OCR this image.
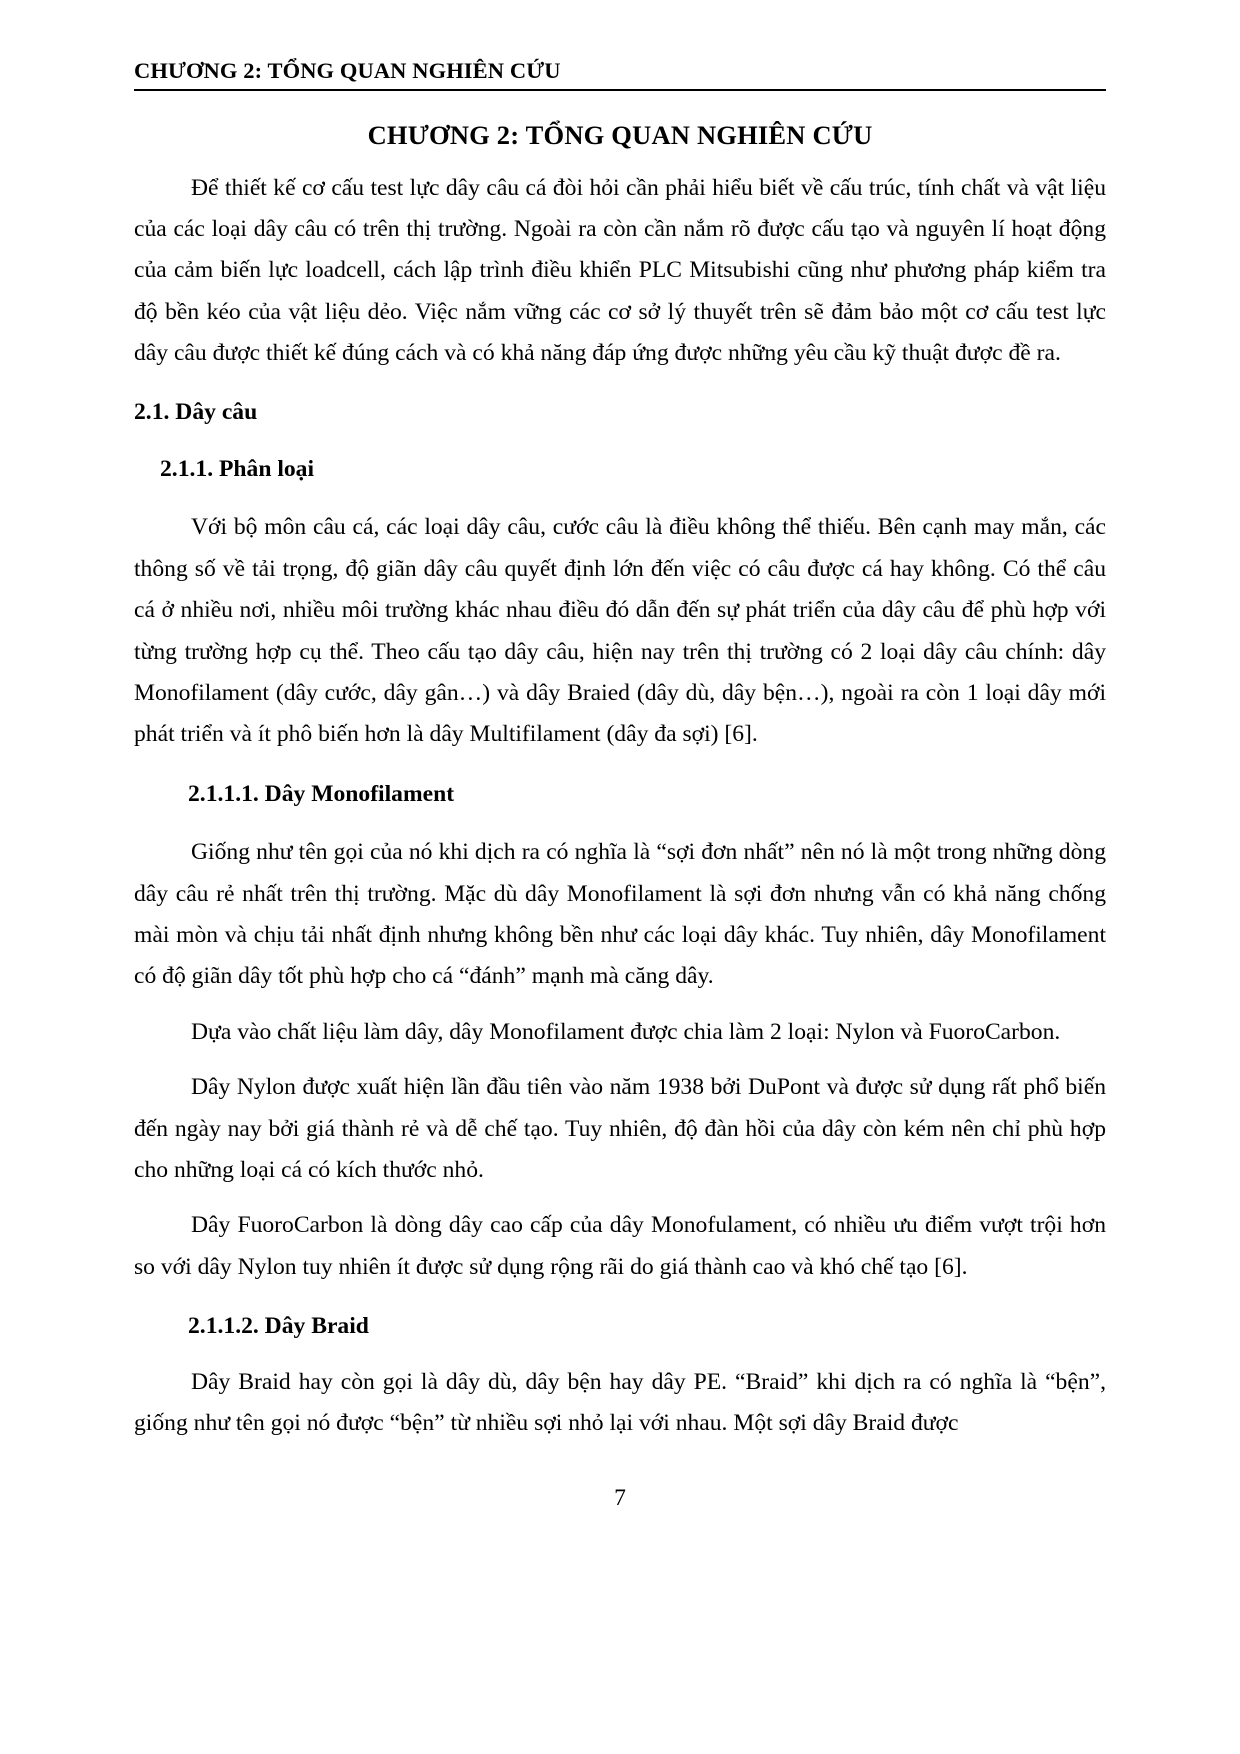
CHƯƠNG 2: TỔNG QUAN NGHIÊN CỨU
CHƯƠNG 2: TỔNG QUAN NGHIÊN CỨU

Để thiết kế cơ cấu test lực dây câu cá đòi hỏi cần phải hiểu biết về cấu trúc, tính chất và vật liệu của các loại dây câu có trên thị trường. Ngoài ra còn cần nắm rõ được cấu tạo và nguyên lí hoạt động của cảm biến lực loadcell, cách lập trình điều khiển PLC Mitsubishi cũng như phương pháp kiểm tra độ bền kéo của vật liệu dẻo. Việc nắm vững các cơ sở lý thuyết trên sẽ đảm bảo một cơ cấu test lực dây câu được thiết kế đúng cách và có khả năng đáp ứng được những yêu cầu kỹ thuật được đề ra.

2.1. Dây câu
2.1.1. Phân loại

Với bộ môn câu cá, các loại dây câu, cước câu là điều không thể thiếu. Bên cạnh may mắn, các thông số về tải trọng, độ giãn dây câu quyết định lớn đến việc có câu được cá hay không. Có thể câu cá ở nhiều nơi, nhiều môi trường khác nhau điều đó dẫn đến sự phát triển của dây câu để phù hợp với từng trường hợp cụ thể. Theo cấu tạo dây câu, hiện nay trên thị trường có 2 loại dây câu chính: dây Monofilament (dây cước, dây gân…) và dây Braied (dây dù, dây bện…), ngoài ra còn 1 loại dây mới phát triển và ít phô biến hơn là dây Multifilament (dây đa sợi) [6].

2.1.1.1. Dây Monofilament

Giống như tên gọi của nó khi dịch ra có nghĩa là “sợi đơn nhất” nên nó là một trong những dòng dây câu rẻ nhất trên thị trường. Mặc dù dây Monofilament là sợi đơn nhưng vẫn có khả năng chống mài mòn và chịu tải nhất định nhưng không bền như các loại dây khác. Tuy nhiên, dây Monofilament có độ giãn dây tốt phù hợp cho cá “đánh” mạnh mà căng dây.

Dựa vào chất liệu làm dây, dây Monofilament được chia làm 2 loại: Nylon và FuoroCarbon.

Dây Nylon được xuất hiện lần đầu tiên vào năm 1938 bởi DuPont và được sử dụng rất phổ biến đến ngày nay bởi giá thành rẻ và dễ chế tạo. Tuy nhiên, độ đàn hồi của dây còn kém nên chỉ phù hợp cho những loại cá có kích thước nhỏ.

Dây FuoroCarbon là dòng dây cao cấp của dây Monofulament, có nhiều ưu điểm vượt trội hơn so với dây Nylon tuy nhiên ít được sử dụng rộng rãi do giá thành cao và khó chế tạo [6].

2.1.1.2. Dây Braid

Dây Braid hay còn gọi là dây dù, dây bện hay dây PE. “Braid” khi dịch ra có nghĩa là “bện”, giống như tên gọi nó được “bện” từ nhiều sợi nhỏ lại với nhau. Một sợi dây Braid được

7
